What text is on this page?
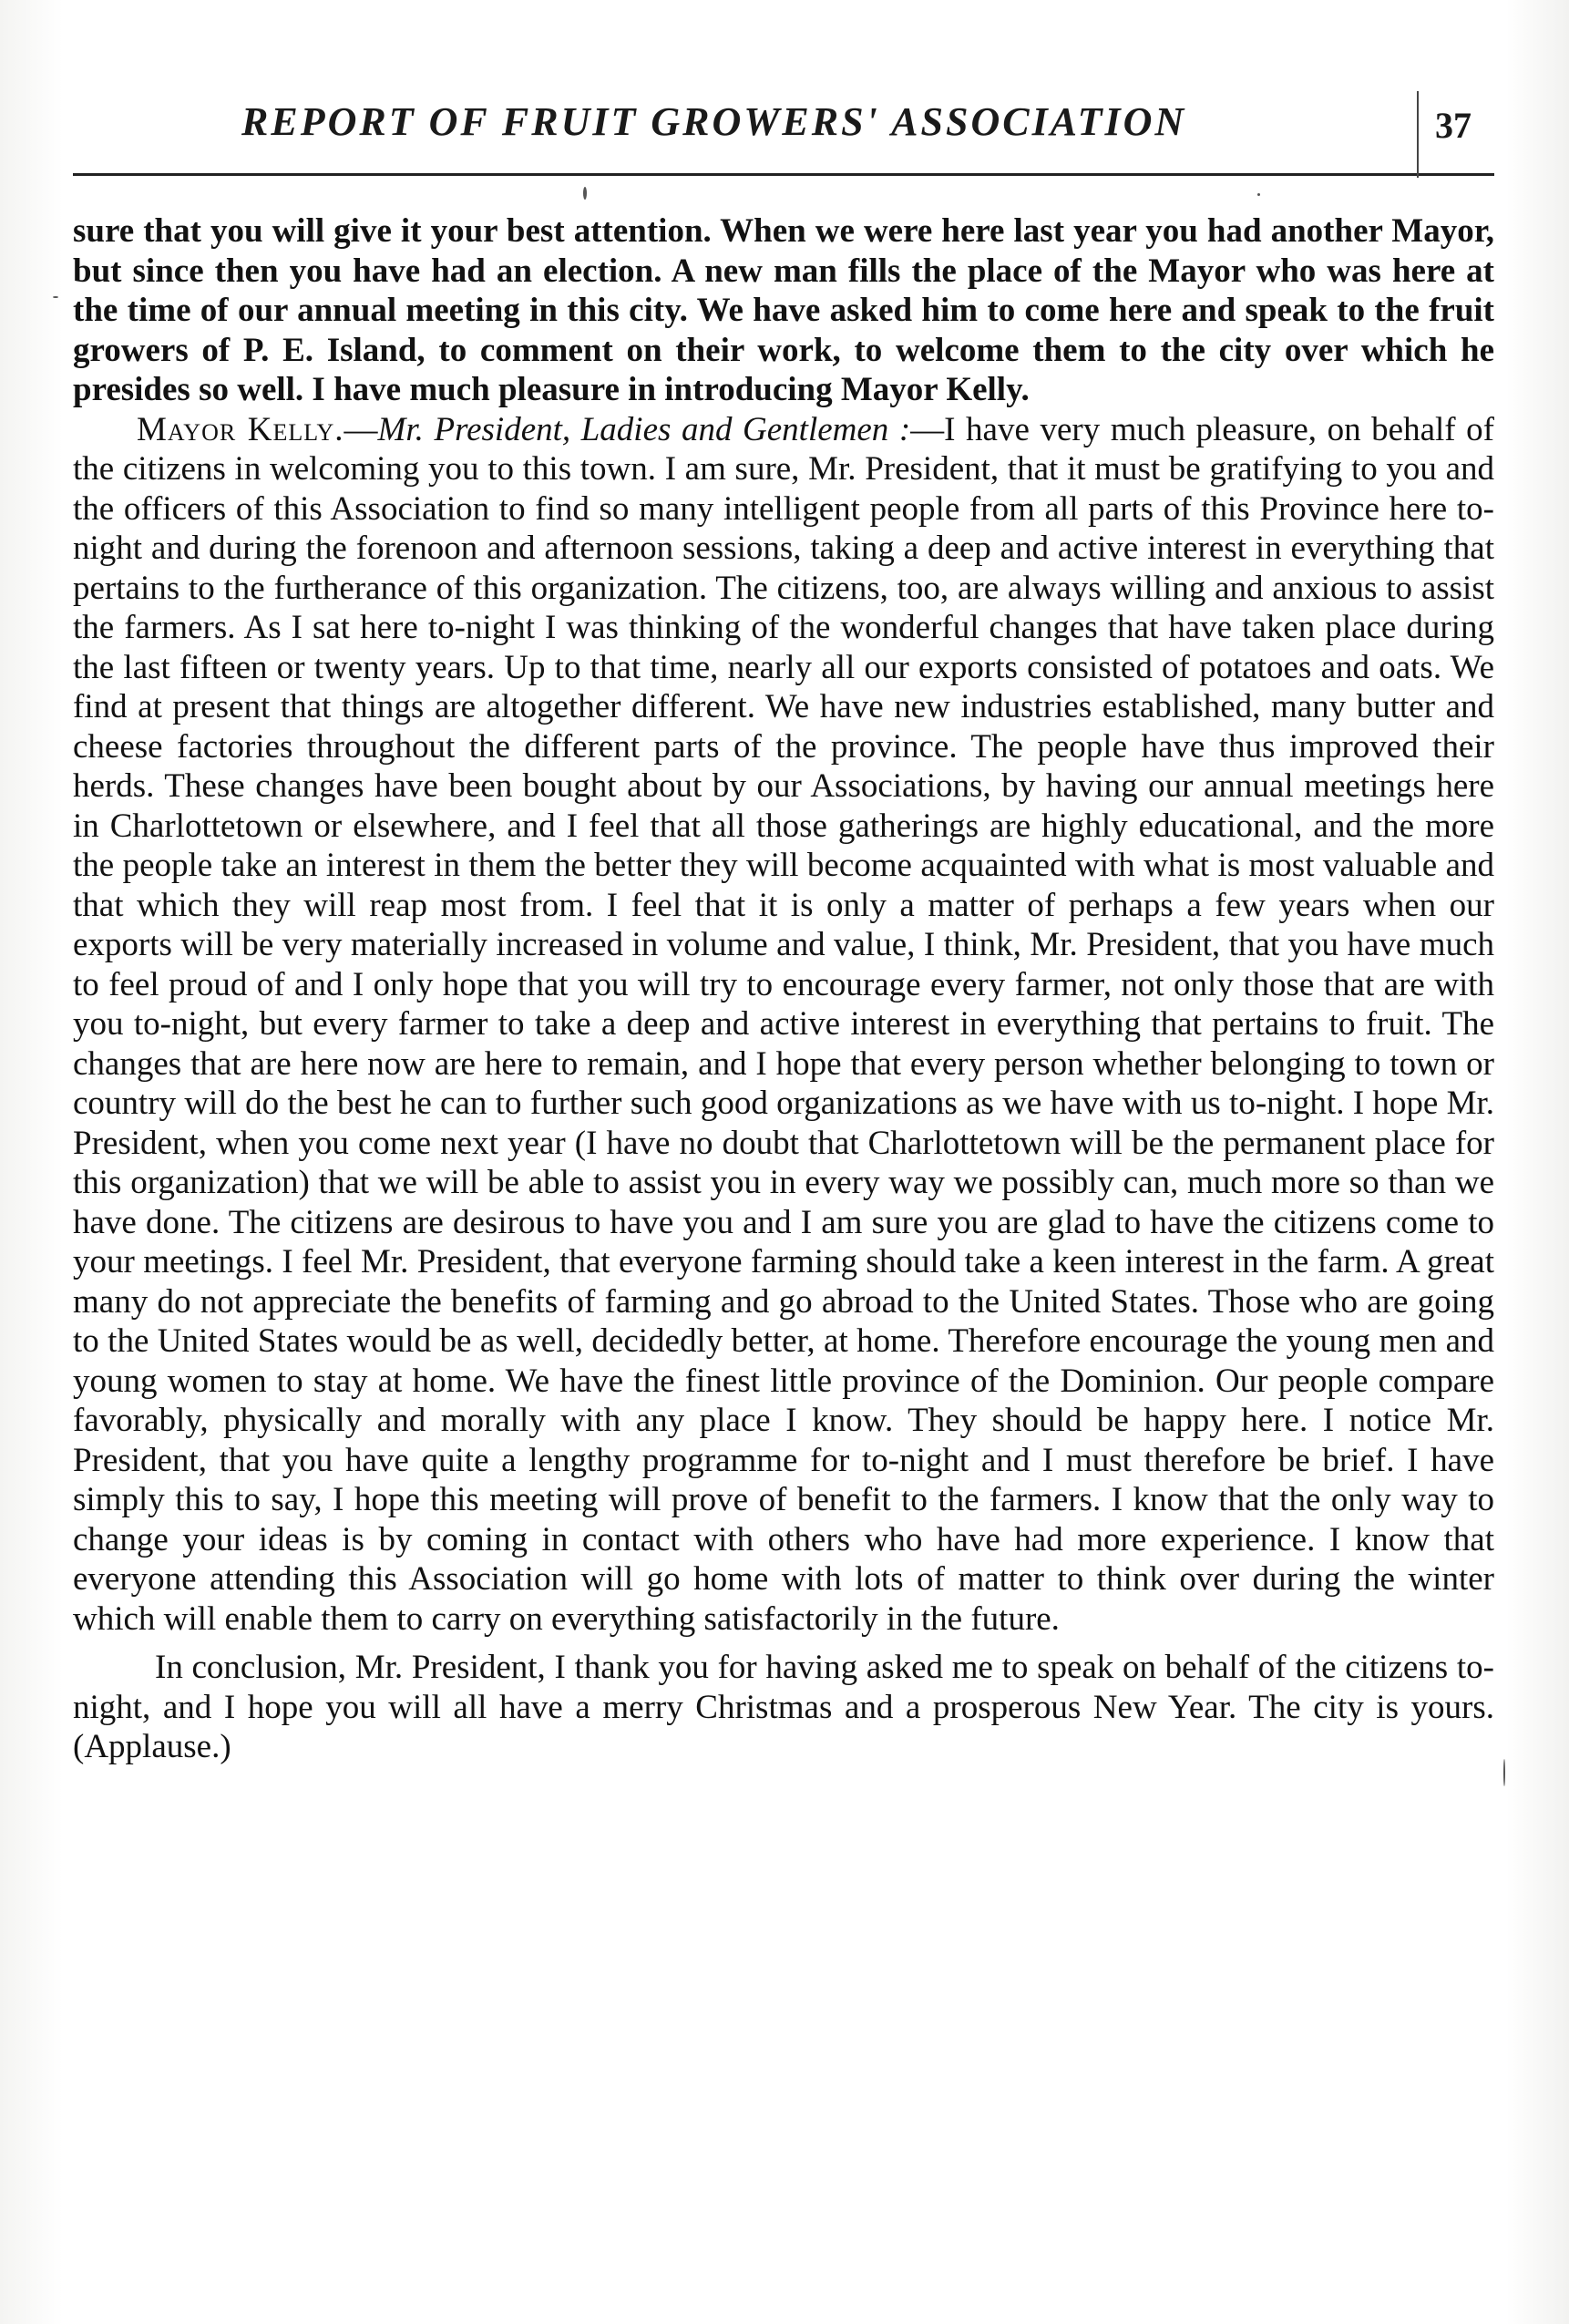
REPORT OF FRUIT GROWERS' ASSOCIATION	37

sure that you will give it your best attention. When we were here last year you had another Mayor, but since then you have had an election. A new man fills the place of the Mayor who was here at the time of our annual meeting in this city. We have asked him to come here and speak to the fruit growers of P. E. Island, to comment on their work, to welcome them to the city over which he presides so well. I have much pleasure in introducing Mayor Kelly.

Mayor Kelly.—Mr. President, Ladies and Gentlemen :—I have very much pleasure, on behalf of the citizens in welcoming you to this town. I am sure, Mr. President, that it must be gratifying to you and the officers of this Association to find so many intelligent people from all parts of this Province here to-night and during the forenoon and afternoon sessions, taking a deep and active interest in everything that pertains to the furtherance of this organization. The citizens, too, are always willing and anxious to assist the farmers. As I sat here to-night I was thinking of the wonderful changes that have taken place during the last fifteen or twenty years. Up to that time, nearly all our exports consisted of potatoes and oats. We find at present that things are altogether different. We have new industries established, many butter and cheese factories throughout the different parts of the province. The people have thus improved their herds. These changes have been bought about by our Associations, by having our annual meetings here in Charlottetown or elsewhere, and I feel that all those gatherings are highly educational, and the more the people take an interest in them the better they will become acquainted with what is most valuable and that which they will reap most from. I feel that it is only a matter of perhaps a few years when our exports will be very materially increased in volume and value, I think, Mr. President, that you have much to feel proud of and I only hope that you will try to encourage every farmer, not only those that are with you to-night, but every farmer to take a deep and active interest in everything that pertains to fruit. The changes that are here now are here to remain, and I hope that every person whether belonging to town or country will do the best he can to further such good organizations as we have with us to-night. I hope Mr. President, when you come next year (I have no doubt that Charlottetown will be the permanent place for this organization) that we will be able to assist you in every way we possibly can, much more so than we have done. The citizens are desirous to have you and I am sure you are glad to have the citizens come to your meetings. I feel Mr. President, that everyone farming should take a keen interest in the farm. A great many do not appreciate the benefits of farming and go abroad to the United States. Those who are going to the United States would be as well, decidedly better, at home. Therefore encourage the young men and young women to stay at home. We have the finest little province of the Dominion. Our people compare favorably, physically and morally with any place I know. They should be happy here. I notice Mr. President, that you have quite a lengthy programme for to-night and I must therefore be brief. I have simply this to say, I hope this meeting will prove of benefit to the farmers. I know that the only way to change your ideas is by coming in contact with others who have had more experience. I know that everyone attending this Association will go home with lots of matter to think over during the winter which will enable them to carry on everything satisfactorily in the future.

In conclusion, Mr. President, I thank you for having asked me to speak on behalf of the citizens to-night, and I hope you will all have a merry Christmas and a prosperous New Year. The city is yours. (Applause.)
